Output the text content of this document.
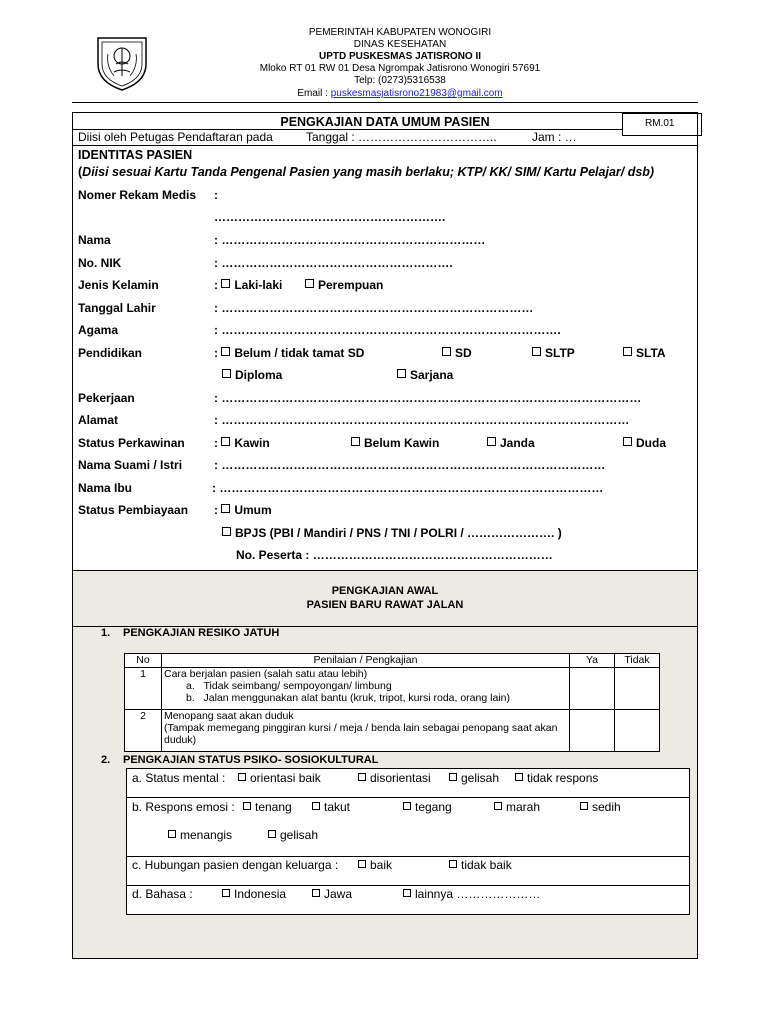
PEMERINTAH KABUPATEN WONOGIRI
DINAS KESEHATAN
UPTD PUSKESMAS JATISRONO II
Mloko RT 01 RW 01 Desa Ngrompak Jatisrono Wonogiri 57691
Telp: (0273)5316538
Email : puskesmasjatisrono21983@gmail.com
PENGKAJIAN DATA UMUM PASIEN	RM.01
Diisi oleh Petugas Pendaftaran pada	Tanggal : ……………………………..	Jam : …
IDENTITAS PASIEN
(Diisi sesuai Kartu Tanda Pengenal Pasien yang masih berlaku; KTP/ KK/ SIM/ Kartu Pelajar/ dsb)
Nomer Rekam Medis :
………………………………………………….
Nama	: …………………………………………………………
No. NIK	: ………………………………………………….
Jenis Kelamin	: Laki-laki	Perempuan
Tanggal Lahir	: ……………………………………………………………………
Agama	: ………………………………………………………………………….
Pendidikan	: Belum / tidak tamat SD	SD	SLTP	SLTA
Diploma	Sarjana
Pekerjaan	: ……………………………………………………………………………………………
Alamat	: …………………………………………………………………………………………
Status Perkawinan : Kawin	Belum Kawin	Janda	Duda
Nama Suami / Istri	: ……………………………………………………………………………………
Nama Ibu	: ……………………………………………………………………………………
Status Pembiayaan : Umum
BPJS (PBI / Mandiri / PNS / TNI / POLRI / …………………. )
No. Peserta : ……………………………………………………
PENGKAJIAN AWAL
PASIEN BARU RAWAT JALAN
1. PENGKAJIAN RESIKO JATUH
No	Penilaian / Pengkajian	Ya	Tidak
1	Cara berjalan pasien (salah satu atau lebih)
a. Tidak seimbang/ sempoyongan/ limbung
b. Jalan menggunakan alat bantu (kruk, tripot, kursi roda, orang lain)		

2	Menopang saat akan duduk
(Tampak memegang pinggiran kursi / meja / benda lain sebagai penopang saat akan duduk)		

2. PENGKAJIAN STATUS PSIKO- SOSIOKULTURAL
a. Status mental :	orientasi baik	disorientasi	gelisah	tidak respons
b. Respons emosi :	tenang	takut	tegang	marah	sedih
menangis	gelisah
c. Hubungan pasien dengan keluarga :	baik	tidak baik
d. Bahasa :	Indonesia	Jawa	lainnya …………………
